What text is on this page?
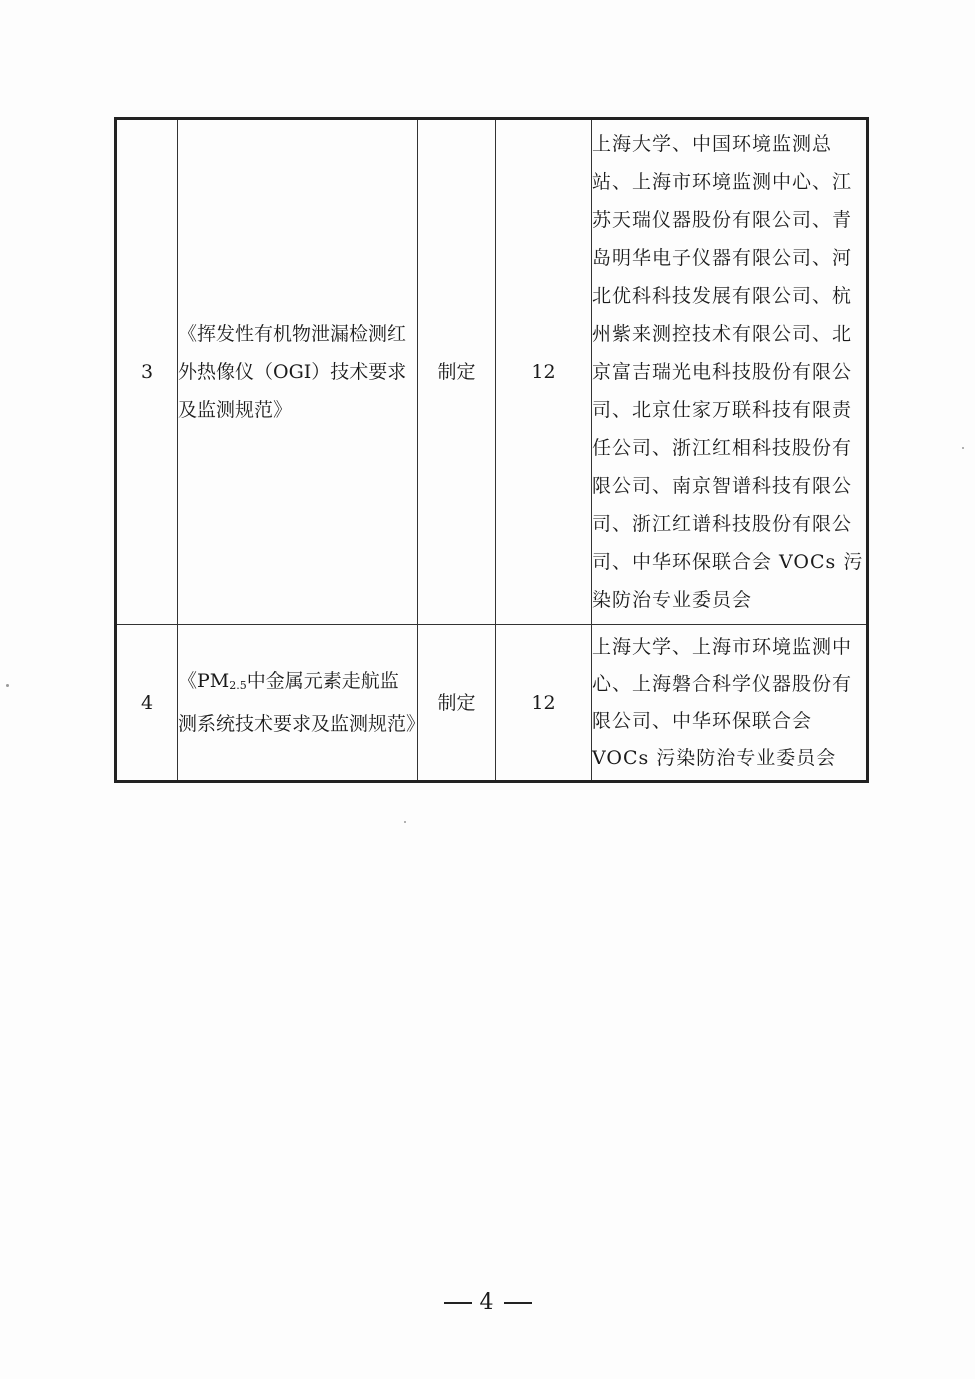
3	《挥发性有机物泄漏检测红外热像仪（OGI）技术要求及监测规范》	制定	12	上海大学、中国环境监测总站、上海市环境监测中心、江苏天瑞仪器股份有限公司、青岛明华电子仪器有限公司、河北优科科技发展有限公司、杭州紫来测控技术有限公司、北京富吉瑞光电科技股份有限公司、北京仕家万联科技有限责任公司、浙江红相科技股份有限公司、南京智谱科技有限公司、浙江红谱科技股份有限公司、中华环保联合会 VOCs 污染防治专业委员会
4	《PM2.5中金属元素走航监测系统技术要求及监测规范》	制定	12	上海大学、上海市环境监测中心、上海磐合科学仪器股份有限公司、中华环保联合会 VOCs 污染防治专业委员会
4
